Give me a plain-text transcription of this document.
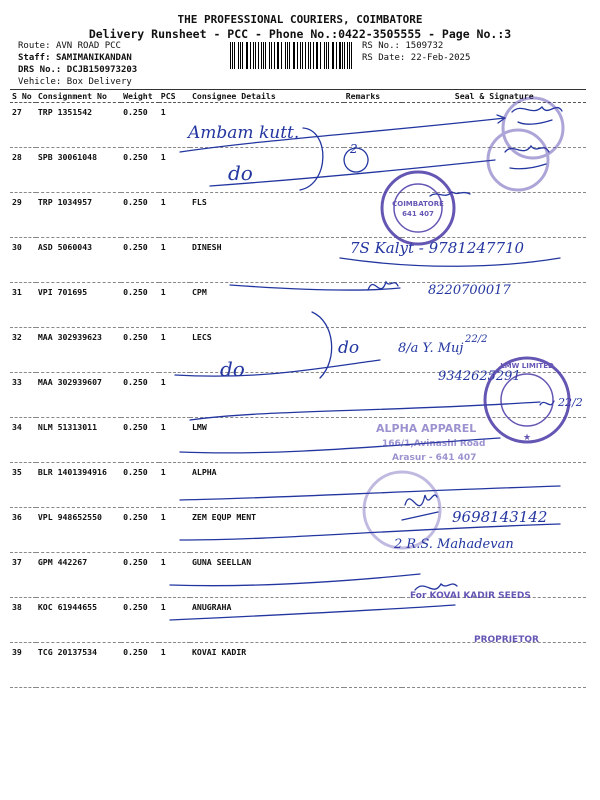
THE PROFESSIONAL COURIERS, COIMBATORE
Delivery Runsheet - PCC - Phone No.:0422-3505555 - Page No.:3
Route: AVN ROAD PCC
Staff: SAMIMANIKANDAN
DRS No.: DCJB150973203
Vehicle: Box Delivery
RS No.: 1509732
RS Date: 22-Feb-2025
S No	Consignment No	Weight	PCS	Consignee Details	Remarks	Seal & Signature
27	TRP 1351542	0.250	1			
28	SPB 30061048	0.250	1			
29	TRP 1034957	0.250	1	FLS		
30	ASD 5060043	0.250	1	DINESH		
31	VPI 701695	0.250	1	CPM		
32	MAA 302939623	0.250	1	LECS		
33	MAA 302939607	0.250	1			
34	NLM 51313011	0.250	1	LMW		
35	BLR 1401394916	0.250	1	ALPHA		
36	VPL 948652550	0.250	1	ZEM EQUP MENT		
37	GPM 442267	0.250	1	GUNA SEELLAN		
38	KOC 61944655	0.250	1	ANUGRAHA		
39	TCG 20137534	0.250	1	KOVAI KADIR		
Ambam kutt.
do
2
7S Kalyt - 9781247710
8220700017
do	8/a Y. Muj
22/2
9342625291
do
22/2
9698143142
2 R.S. Mahadevan
COIMBATORE
641 407
LMW LIMITED
★
ALPHA APPAREL
166/1,Avinashi Road
Arasur - 641 407
For KOVAI KADIR SEEDS
PROPRIETOR
